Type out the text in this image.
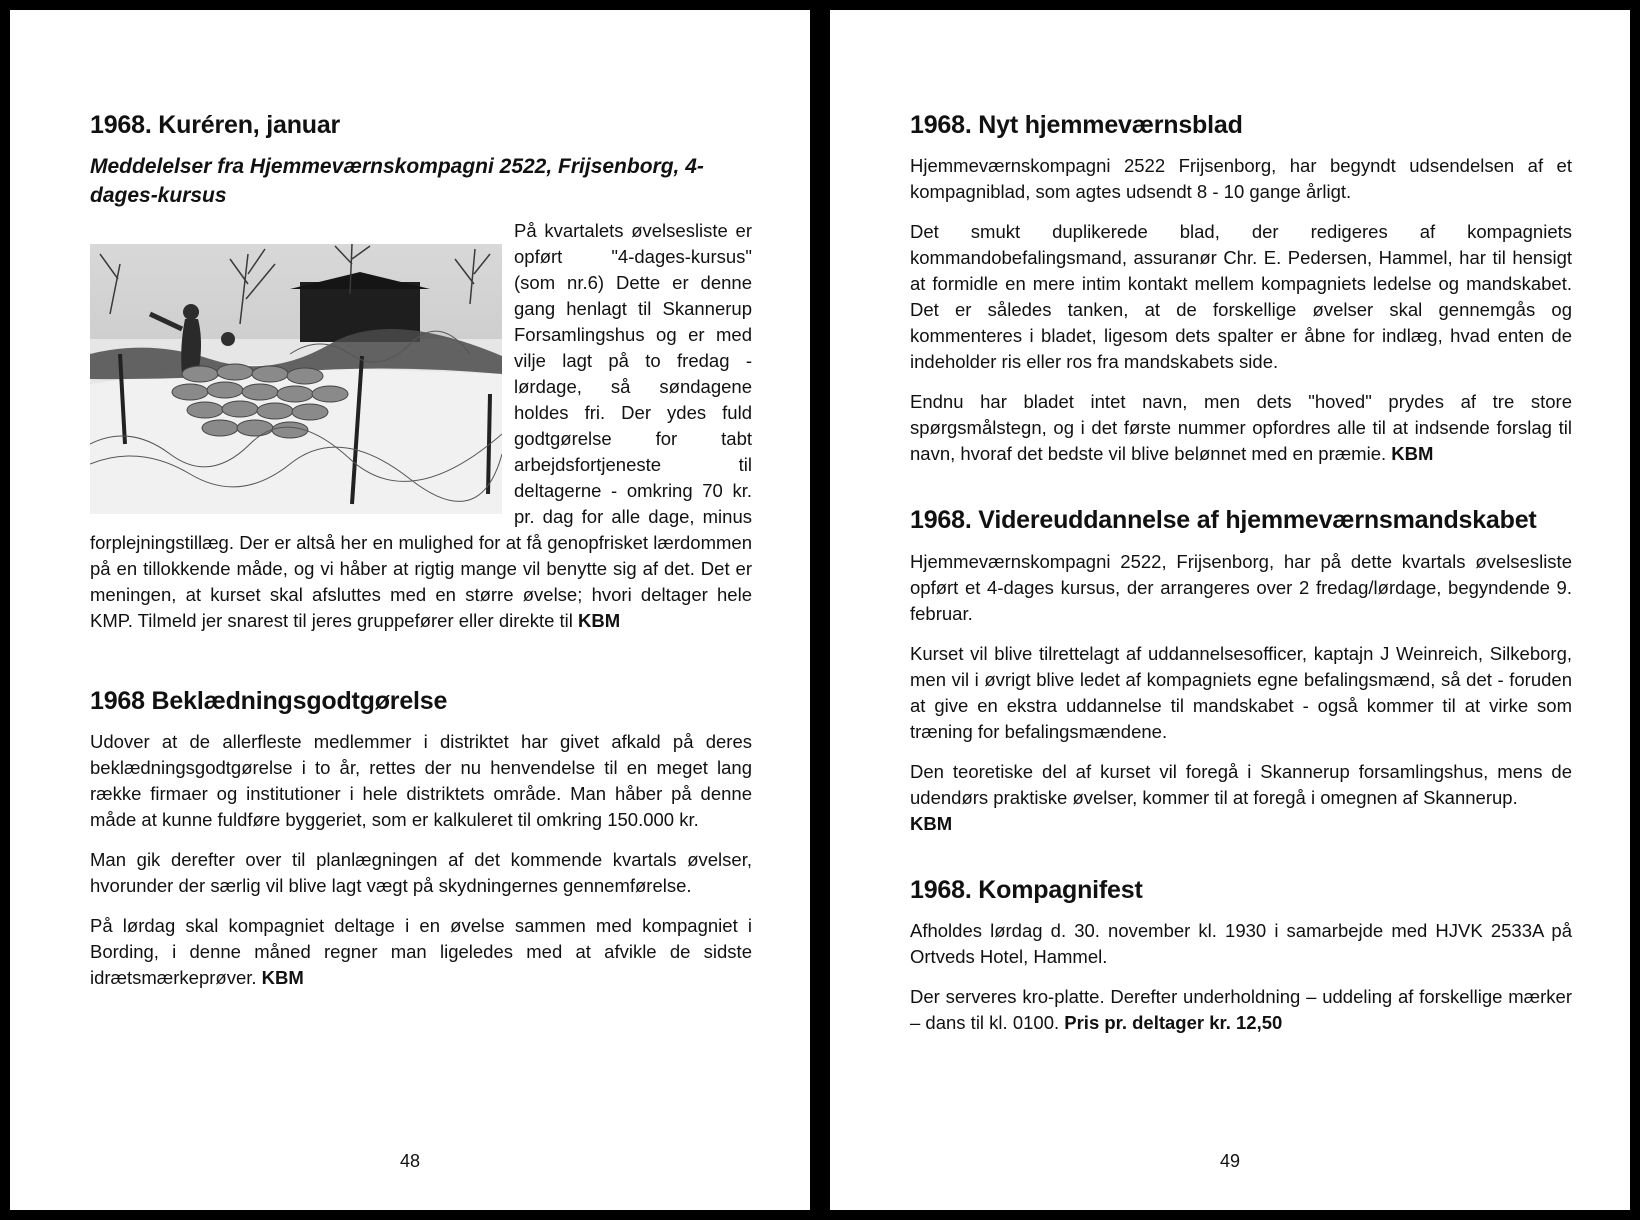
1968. Kuréren, januar
Meddelelser fra Hjemmeværnskompagni 2522, Frijsenborg, 4-dages-kursus

På kvartalets øvelsesliste er opført "4-dages-kursus" (som nr.6) Dette er denne gang henlagt til Skannerup Forsamlingshus og er med vilje lagt på to fredag - lørdage, så søndagene holdes fri. Der ydes fuld godtgørelse for tabt arbejdsfortjeneste til deltagerne - omkring 70 kr. pr. dag for alle dage, minus forplejningstillæg. Der er altså her en mulighed for at få genopfrisket lærdommen på en tillokkende måde, og vi håber at rigtig mange vil benytte sig af det. Det er meningen, at kurset skal afsluttes med en større øvelse; hvori deltager hele KMP. Tilmeld jer snarest til jeres gruppefører eller direkte til KBM

1968 Beklædningsgodtgørelse

Udover at de allerfleste medlemmer i distriktet har givet afkald på deres beklædningsgodtgørelse i to år, rettes der nu henvendelse til en meget lang række firmaer og institutioner i hele distriktets område. Man håber på denne måde at kunne fuldføre byggeriet, som er kalkuleret til omkring 150.000 kr.

Man gik derefter over til planlægningen af det kommende kvartals øvelser, hvorunder der særlig vil blive lagt vægt på skydningernes gennemførelse.

På lørdag skal kompagniet deltage i en øvelse sammen med kompagniet i Bording, i denne måned regner man ligeledes med at afvikle de sidste idrætsmærkeprøver. KBM

48
1968. Nyt hjemmeværnsblad

Hjemmeværnskompagni 2522 Frijsenborg, har begyndt udsendelsen af et kompagniblad, som agtes udsendt 8 - 10 gange årligt.

Det smukt duplikerede blad, der redigeres af kompagniets kommandobefalingsmand, assuranør Chr. E. Pedersen, Hammel, har til hensigt at formidle en mere intim kontakt mellem kompagniets ledelse og mandskabet. Det er således tanken, at de forskellige øvelser skal gennemgås og kommenteres i bladet, ligesom dets spalter er åbne for indlæg, hvad enten de indeholder ris eller ros fra mandskabets side.

Endnu har bladet intet navn, men dets "hoved" prydes af tre store spørgsmålstegn, og i det første nummer opfordres alle til at indsende forslag til navn, hvoraf det bedste vil blive belønnet med en præmie. KBM

1968. Videreuddannelse af hjemmeværnsmandskabet

Hjemmeværnskompagni 2522, Frijsenborg, har på dette kvartals øvelsesliste opført et 4-dages kursus, der arrangeres over 2 fredag/lørdage, begyndende 9. februar.

Kurset vil blive tilrettelagt af uddannelsesofficer, kaptajn J Weinreich, Silkeborg, men vil i øvrigt blive ledet af kompagniets egne befalingsmænd, så det - foruden at give en ekstra uddannelse til mandskabet - også kommer til at virke som træning for befalingsmændene.

Den teoretiske del af kurset vil foregå i Skannerup forsamlingshus, mens de udendørs praktiske øvelser, kommer til at foregå i omegnen af Skannerup.
KBM

1968. Kompagnifest

Afholdes lørdag d. 30. november kl. 1930 i samarbejde med HJVK 2533A på Ortveds Hotel, Hammel.

Der serveres kro-platte. Derefter underholdning – uddeling af forskellige mærker – dans til kl. 0100. Pris pr. deltager kr. 12,50

49
